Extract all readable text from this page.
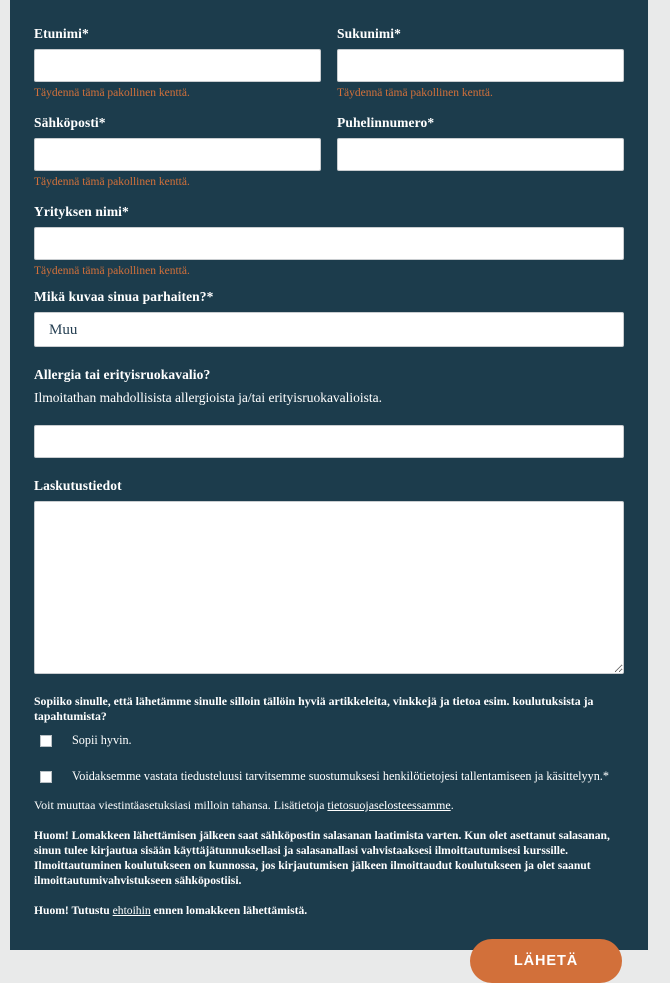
Etunimi*
Täydennä tämä pakollinen kenttä.
Sukunimi*
Täydennä tämä pakollinen kenttä.
Sähköposti*
Täydennä tämä pakollinen kenttä.
Puhelinnumero*
Yrityksen nimi*
Täydennä tämä pakollinen kenttä.
Mikä kuvaa sinua parhaiten?*
Muu
Allergia tai erityisruokavalio?
Ilmoitathan mahdollisista allergioista ja/tai erityisruokavalioista.
Laskutustiedot

Sopiiko sinulle, että lähetämme sinulle silloin tällöin hyviä artikkeleita, vinkkejä ja tietoa esim. koulutuksista ja tapahtumista?

Sopii hyvin.
Voidaksemme vastata tiedusteluusi tarvitsemme suostumuksesi henkilötietojesi tallentamiseen ja käsittelyyn.*

Voit muuttaa viestintäasetuksiasi milloin tahansa. Lisätietoja tietosuojaselosteessamme.

Huom! Lomakkeen lähettämisen jälkeen saat sähköpostin salasanan laatimista varten. Kun olet asettanut salasanan, sinun tulee kirjautua sisään käyttäjätunnuksellasi ja salasanallasi vahvistaaksesi ilmoittautumisesi kurssille. Ilmoittautuminen koulutukseen on kunnossa, jos kirjautumisen jälkeen ilmoittaudut koulutukseen ja olet saanut ilmoittautumivahvistukseen sähköpostiisi.

Huom! Tutustu ehtoihin ennen lomakkeen lähettämistä.

LÄHETÄ
